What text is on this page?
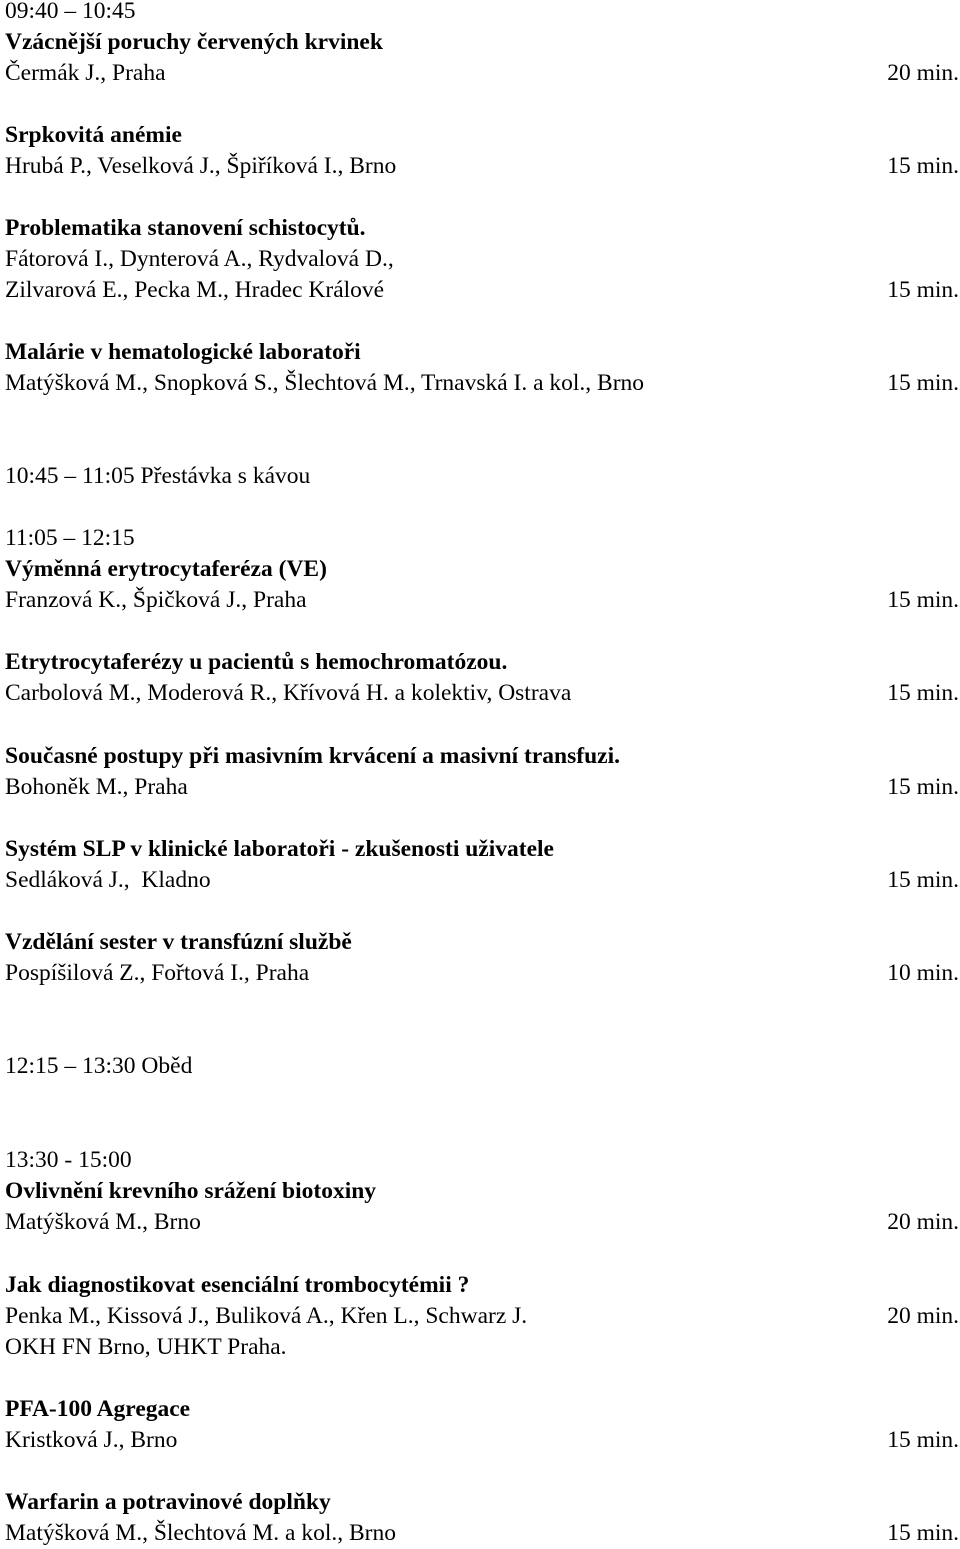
09:40 – 10:45
Vzácnější poruchy červených krvinek
Čermák J., Praha	20 min.
Srpkovitá anémie
Hrubá P., Veselková J., Špiříková I., Brno	15 min.
Problematika stanovení schistocytů.
Fátorová I., Dynterová A., Rydvalová D.,
Zilvarová E., Pecka M., Hradec Králové	15 min.
Malárie v hematologické laboratoři
Matýšková M., Snopková S., Šlechtová M., Trnavská I. a kol., Brno	15 min.
10:45 – 11:05 Přestávka s kávou
11:05 – 12:15
Výměnná erytrocytaferéza (VE)
Franzová K., Špičková J., Praha	15 min.
Etrytrocytaferézy u pacientů s hemochromatózou.
Carbolová M., Moderová R., Křívová H. a kolektiv, Ostrava	15 min.
Současné postupy při masivním krvácení a masivní transfuzi.
Bohoněk M., Praha	15 min.
Systém SLP v klinické laboratoři - zkušenosti uživatele
Sedláková J.,  Kladno	15 min.
Vzdělání sester v transfúzní službě
Pospíšilová Z., Fořtová I., Praha	10 min.
12:15 – 13:30 Oběd
13:30 - 15:00
Ovlivnění krevního srážení biotoxiny
Matýšková M., Brno	20 min.
Jak diagnostikovat esenciální trombocytémii ?
Penka M., Kissová J., Buliková A., Křen L., Schwarz J.	20 min.
OKH FN Brno, UHKT Praha.
PFA-100 Agregace
Kristková J., Brno	15 min.
Warfarin a potravinové doplňky
Matýšková M., Šlechtová M. a kol., Brno	15 min.
